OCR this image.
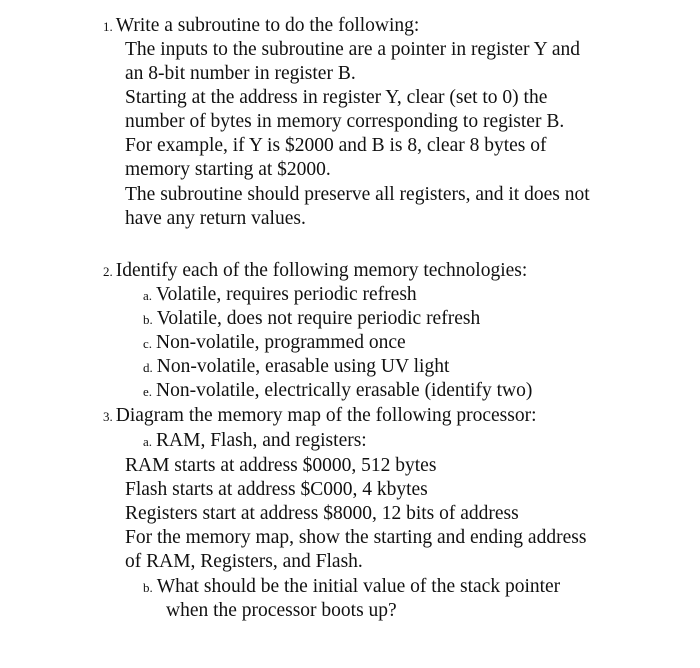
1. Write a subroutine to do the following:
The inputs to the subroutine are a pointer in register Y and
an 8-bit number in register B.
Starting at the address in register Y, clear (set to 0) the
number of bytes in memory corresponding to register B.
For example, if Y is $2000 and B is 8, clear 8 bytes of
memory starting at $2000.
The subroutine should preserve all registers, and it does not
have any return values.
2. Identify each of the following memory technologies:
a. Volatile, requires periodic refresh
b. Volatile, does not require periodic refresh
c. Non-volatile, programmed once
d. Non-volatile, erasable using UV light
e. Non-volatile, electrically erasable (identify two)
3. Diagram the memory map of the following processor:
a. RAM, Flash, and registers:
RAM starts at address $0000, 512 bytes
Flash starts at address $C000, 4 kbytes
Registers start at address $8000, 12 bits of address
For the memory map, show the starting and ending address
of RAM, Registers, and Flash.
b. What should be the initial value of the stack pointer
when the processor boots up?
